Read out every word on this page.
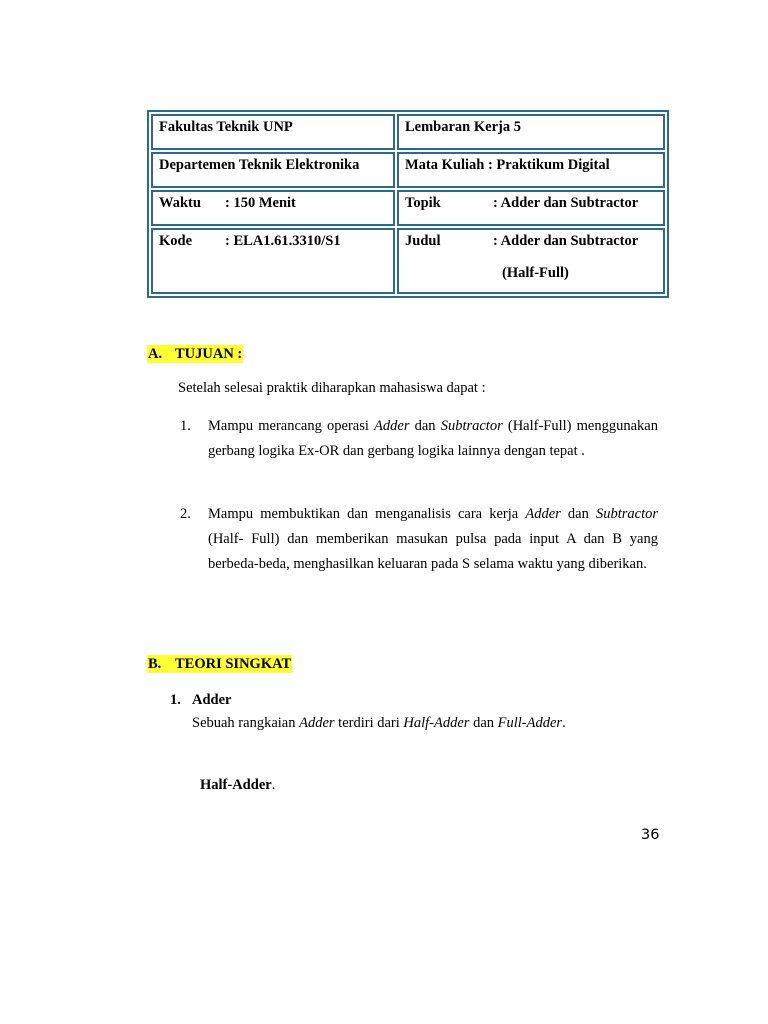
Fakultas Teknik UNP	Lembaran Kerja 5
Departemen Teknik Elektronika	Mata Kuliah : Praktikum Digital
Waktu : 150 Menit	Topik : Adder dan Subtractor
Kode : ELA1.61.3310/S1	Judul : Adder dan Subtractor
(Half-Full)
A. TUJUAN :
Setelah selesai praktik diharapkan mahasiswa dapat :
1.	Mampu merancang operasi Adder dan Subtractor (Half-Full) menggunakan gerbang logika Ex-OR dan gerbang logika lainnya dengan tepat .
2.	Mampu membuktikan dan menganalisis cara kerja Adder dan Subtractor (Half- Full) dan memberikan masukan pulsa pada input A dan B yang berbeda-beda, menghasilkan keluaran pada S selama waktu yang diberikan.
B. TEORI SINGKAT
1. Adder
Sebuah rangkaian Adder terdiri dari Half-Adder dan Full-Adder.
Half-Adder.
36
